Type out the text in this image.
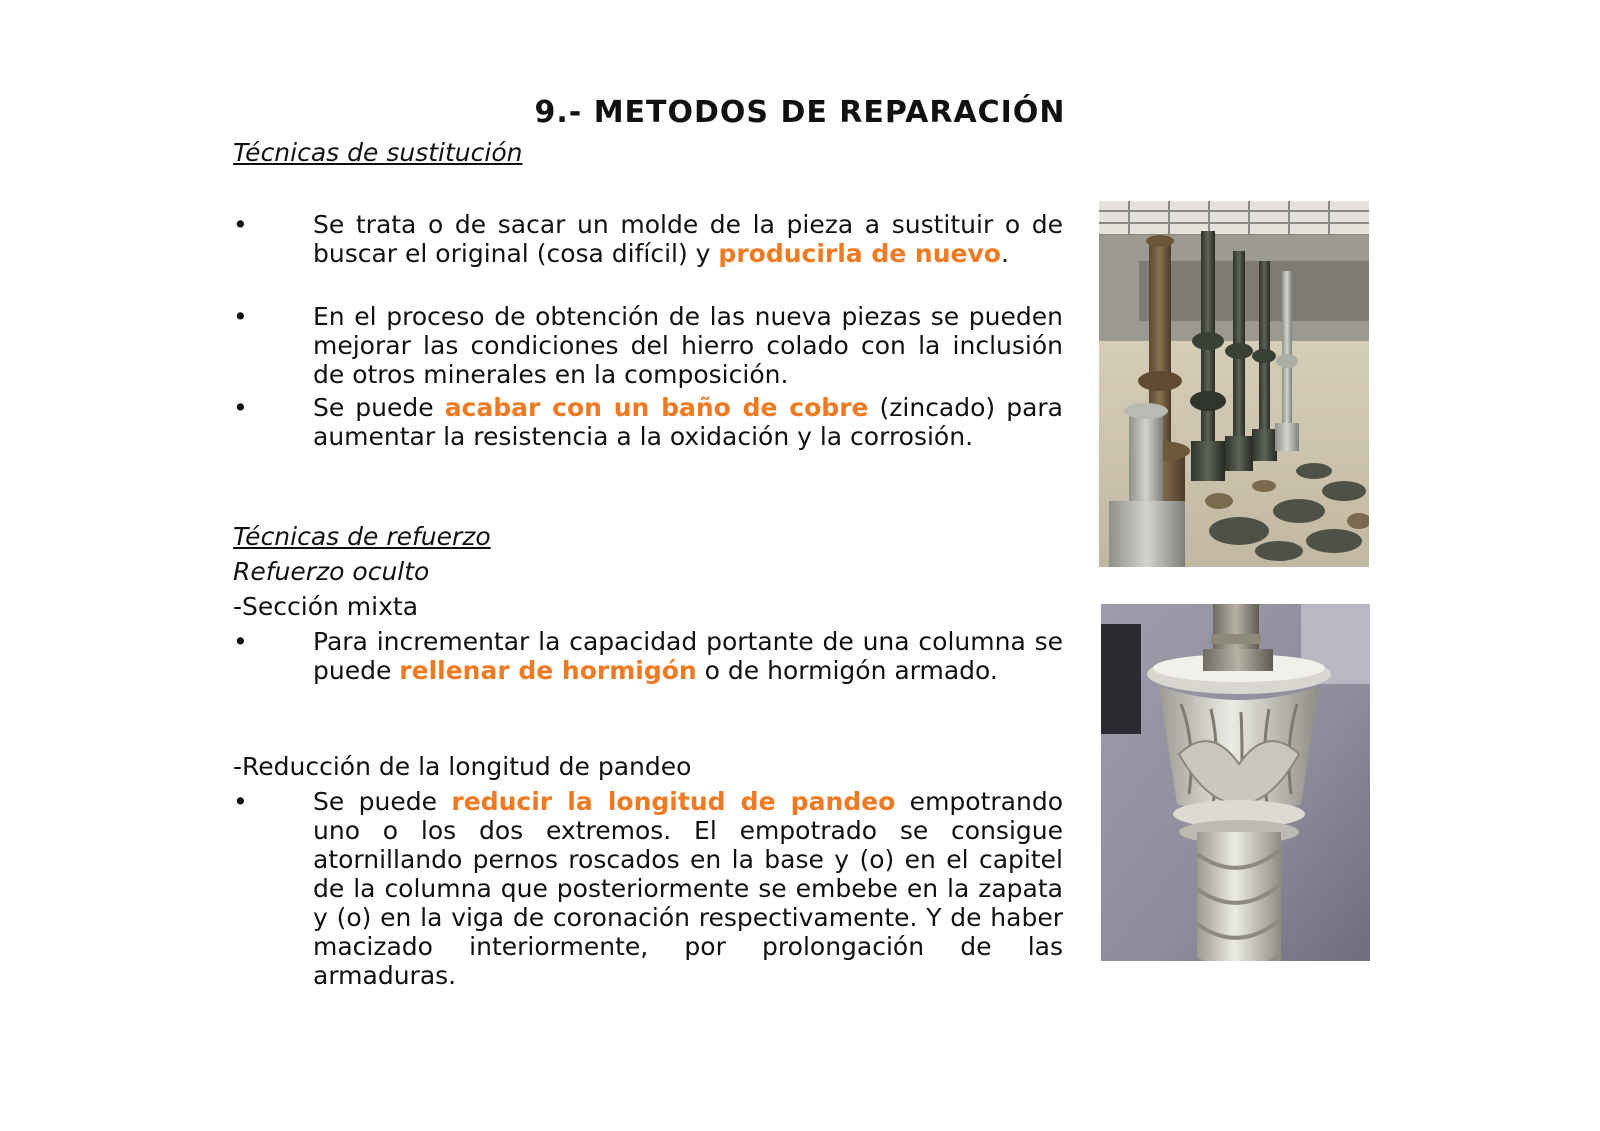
9.- METODOS DE REPARACIÓN
Técnicas de sustitución
•	Se trata o de sacar un molde de la pieza a sustituir o de buscar el original (cosa difícil) y producirla de nuevo.
•	En el proceso de obtención de las nueva piezas se pueden mejorar las condiciones del hierro colado con la inclusión de otros minerales en la composición.
•	Se puede acabar con un baño de cobre (zincado) para aumentar la resistencia a la oxidación y la corrosión.
Técnicas de refuerzo
Refuerzo oculto
-Sección mixta
•	Para incrementar la capacidad portante de una columna se puede rellenar de hormigón o de hormigón armado.
-Reducción de la longitud de pandeo
•	Se puede reducir la longitud de pandeo empotrando uno o los dos extremos. El empotrado se consigue atornillando pernos roscados en la base y (o) en el capitel de la columna que posteriormente se embebe en la zapata y (o) en la viga de coronación respectivamente. Y de haber macizado interiormente, por prolongación de las armaduras.
